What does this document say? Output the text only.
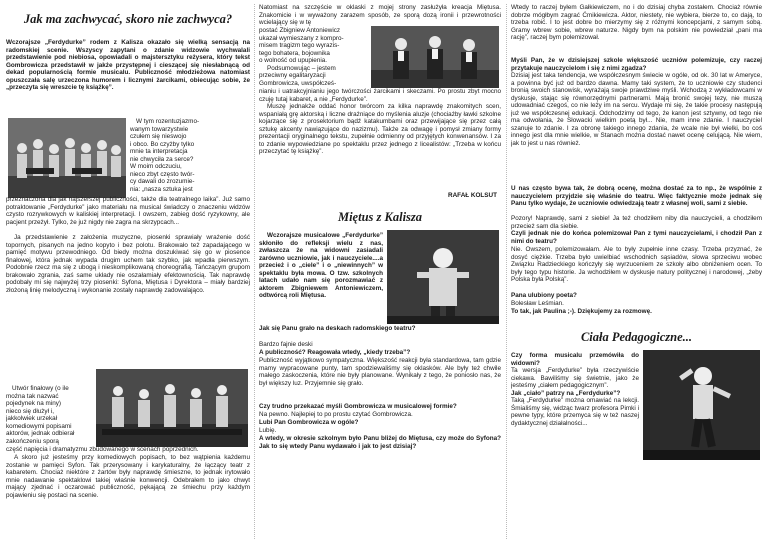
Jak ma zachwycać, skoro nie zachwyca?

Wczorajsze „Ferdydurke” rodem z Kalisza okazało się wielką sensacją na radomskiej scenie. Wszyscy zapytani o zdanie widzowie wychwalali przedstawienie pod niebiosa, opowiadali o majstersztyku reżysera, który tekst Gombrowicza przedstawił w jakże przystępnej i cieszącej się niesłabnącą od dekad popularnością formie musicalu. Publiczność młodzieżowa natomiast opuszczała salę urzeczona humorem i licznymi żarcikami, obiecując sobie, że „przeczyta się wreszcie tę książkę”.

W tym rozentuzjazmo-

wanym towarzystwie

czułem się nieswojo

i obco. Bo czyżby tylko

mnie ta interpretacja

nie chwyciła za serce?

W moim odczuciu,

nieco zbyt często twór-

cy dawali do zrozumie-

nia: „nasza sztuka jest

przeznaczona dla jak najszerszej publiczności, także dla teatralnego laika”. Już samo potraktowanie „Ferdydurke” jako materiału na musical świadczy o znaczeniu widzów czysto rozrywkowych w kaliskiej interpretacji. I owszem, zabieg dość ryzykowny, ale pacjent przeżył. Tylko, że już nigdy nie zagra na skrzypcach...

Ja przedstawienie z założenia muzyczne, piosenki sprawiały wrażenie dość topornych, pisanych na jedno kopyto i bez polotu. Brakowało też zapadającego w pamięć motywu przewodniego. Od biedy można doszukiwać się go w piosence finałowej, która jednak wypada drugim uchem tak szybko, jak wpadła pierwszym. Podobnie rzecz ma się z ubogą i nieskomplikowaną choreografią. Tańczącym grupom brakowało zgrania, zaś same układy nie oszałamiały efektownością. Tak naprawdę podobały mi się najwyżej trzy piosenki: Syfona, Miętusa i Dyrektora – miały bardziej złożoną linię melodyczną i wykonanie zostały naprawdę zadowalająco.

Utwór finałowy (o ile

można tak nazwać

pojedynek na miny)

nieco się dłużył i,

jakkolwiek urzekał

komediowymi popisami

aktorów, jednak odbierał

zakończeniu sporą

część napięcia i dramatyzmu zbudowanego w scenach poprzednich.

A skoro już jesteśmy przy komediowych popisach, to bez wątpienia każdemu zostanie w pamięci Syfon. Tak przerysowany i karykaturalny, że łączący teatr z kabaretem. Chociaż niektóre z żartów były naprawdę śmieszne, to jednak irytowało mnie nadawanie spektaklowi takiej właśnie konwencji. Odebrałem to jako chwyt mający zjednać i oczarować publiczność, pękającą ze śmiechu przy każdym pojawieniu się postaci na scenie.

Natomiast na szczęście w oklaski z mojej strony zasłużyła kreacja Miętusa. Znakomicie i w wyważony zarazem sposób, ze sporą dozą ironii i przewrotności wcielający się w tę

postać Zbigniew Antoniewicz

ukazał wymieszany z kompro-

misem tragizm tego wyrazis-

tego bohatera, bojownika

o wolność od upupienia.

Podsumowując – jestem

przeciwny egalitaryzacji

Gombrowicza, uwspółcześ-

nianiu i uatrakcyjnianiu jego twórczości żarcikami i skeczami. Po prostu zbyt mocno czuję tutaj kabaret, a nie „Ferdydurke”.

Muszę jednakże oddać honor twórcom za kilka naprawdę znakomitych scen, wspaniałą grę aktorską i liczne drażniące do myślenia aluzje (chociażby ławki szkolne kojarzące się z prosektorium bądź katakumbami oraz przewijające się przez całą sztukę akcenty nawiązujące do nazizmu). Także za odwagę i pomysł zmiany formy prezentacji oryginalnego tekstu, zupełnie odmienny od przyjętych konwenansów. I za to zdanie wypowiedziane po spektaklu przez jednego z licealistów: „Trzeba w końcu przeczytać tę książkę”.

RAFAŁ KOLSUT

Miętus z Kalisza

Wczorajsze musicalowe „Ferdydurke” skłoniło do refleksji wielu z nas, zwłaszcza że na widowni zasiadali zarówno uczniowie, jak i nauczyciele....a przecież i o „ciele” i o „niewinnych” w spektaklu była mowa. O tzw. szkolnych latach udało nam się porozmawiać z aktorem Zbigniewem Antoniewiczem, odtwórcą roli Miętusa.

Jak się Panu grało na deskach radomskiego teatru?

Bardzo fajnie deski

A publiczność? Reagowała wtedy, „kiedy trzeba”?

Publiczność wyjątkowo sympatyczna. Większość reakcji była standardowa, tam gdzie mamy wypracowane punty, tam spodziewaliśmy się oklasków. Ale były też chwile małego zaskoczenia, które nie były planowane. Wynikały z tego, że poniosło nas, że był większy luz. Przyjemnie się grało.

Czy trudno przekazać myśli Gombrowicza w musicalowej formie?

Na pewno. Najlepiej to po prostu czytać Gombrowicza.

Lubi Pan Gombrowicza w ogóle?

Lubię.

A wtedy, w okresie szkolnym było Panu bliżej do Miętusa, czy może do Syfona? Jak to się wtedy Panu wydawało i jak to jest dzisiaj?

Wtedy to raczej byłem Gałkiewiczem, no i do dzisiaj chyba zostałem. Chociaż równie dobrze mógłbym zagrać Ćmikiewicza. Aktor, niestety, nie wybiera, bierze to, co dają, to trzeba robić. I to jest dobre bo mierzymy się z różnymi koncepcjami, z samym sobą. Gramy wbrew sobie, wbrew naturze. Nigdy bym na polskim nie powiedział „pani ma rację”, raczej bym polemizował.

Myśli Pan, że w dzisiejszej szkole większość uczniów polemizuje, czy raczej przytakuje nauczycielom i się z nimi zgadza?

Dzisiaj jest taka tendencja, we współczesnym świecie w ogóle, od ok. 30 lat w Ameryce, a powinna być już od bardzo dawna. Mamy taki system, że to uczniowie czy studenci bronią swoich stanowisk, wyrażają swoje prawdziwe myśli. Wchodzą z wykładowcami w dyskusje, stając się równorzędnymi partnerami. Mają bronić swojej tezy, nie muszą udowadniać czegoś, co nie leży im na sercu. Wydaje mi się, że takie procesy następują już we współczesnej edukacji. Odchodzimy od tego, że kanon jest sztywny, od tego nie ma odwołania, że Słowacki wielkim poetą był... Nie, mam inne zdanie. I nauczyciel szanuje to zdanie. I za obronę takiego innego zdania, że wcale nie był wielki, bo coś innego jest dla mnie wielkie, w Stanach można dostać nawet ocenę celującą. Nie wiem, jak to jest u nas również.

U nas często bywa tak, że dobrą ocenę, można dostać za to np., że wspólnie z nauczycielem przyjdzie się właśnie do teatru. Więc faktycznie może jednak się Panu tylko wydaje, że uczniowie odwiedzają teatr z własnej woli, sami z siebie.

Pozory! Naprawdę, sami z siebie! Ja też chodziłem niby dla nauczycieli, a chodziłem przecież sam dla siebie.

Czyli jednak nie do końca polemizował Pan z tymi nauczycielami, i chodził Pan z nimi do teatru?

Nie. Owszem, polemizowałam. Ale to były zupełnie inne czasy. Trzeba przyznać, że dosyć ciężkie. Trzeba było uwielbiać wschodnich sąsiadów, słowa sprzeciwu wobec Związku Radzieckiego kończyły się wyrzuceniem ze szkoły albo obniżeniem ocen. To były tego typu historie. Ja wchodziłem w dyskusje natury politycznej i narodowej, „żeby Polska była Polską”.

Pana ulubiony poeta?

Bolesław Leśmian.

To tak, jak Paulina ;-). Dziękujemy za rozmowę.

Ciała Pedagogiczne...

Czy forma musicalu przemówiła do widowni?

Ta wersja „Ferdydurke” była rzeczywiście ciekawa. Bawiliśmy się świetnie, jako że jesteśmy „ciałem pedagogicznym”.

Jak „ciało” patrzy na „Ferdydurke”?

Taką „Ferdydurke” można omawiać na lekcji. Śmialiśmy się, widząc twarz profesora Pimki i pewne typy, które przemyca się w też naszej dydaktycznej działalności...
